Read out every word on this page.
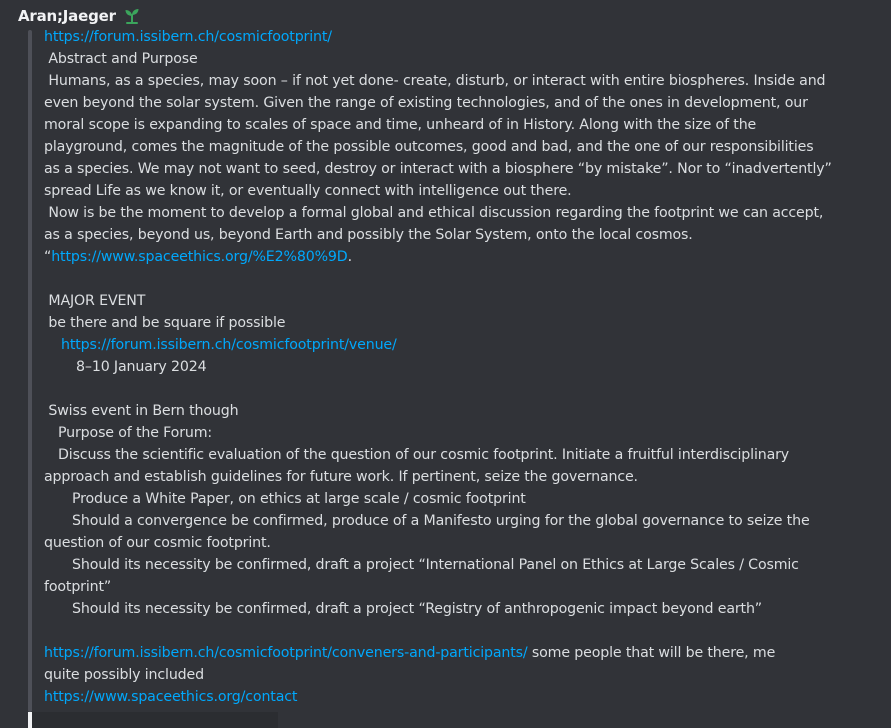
Aran;Jaeger
https://forum.issibern.ch/cosmicfootprint/
Abstract and Purpose
Humans, as a species, may soon – if not yet done- create, disturb, or interact with entire biospheres. Inside and
even beyond the solar system. Given the range of existing technologies, and of the ones in development, our
moral scope is expanding to scales of space and time, unheard of in History. Along with the size of the
playground, comes the magnitude of the possible outcomes, good and bad, and the one of our responsibilities
as a species. We may not want to seed, destroy or interact with a biosphere “by mistake”. Nor to “inadvertently”
spread Life as we know it, or eventually connect with intelligence out there.
Now is be the moment to develop a formal global and ethical discussion regarding the footprint we can accept,
as a species, beyond us, beyond Earth and possibly the Solar System, onto the local cosmos.
“https://www.spaceethics.org/%E2%80%9D.
MAJOR EVENT
be there and be square if possible
https://forum.issibern.ch/cosmicfootprint/venue/
8–10 January 2024
Swiss event in Bern though
Purpose of the Forum:
Discuss the scientific evaluation of the question of our cosmic footprint. Initiate a fruitful interdisciplinary
approach and establish guidelines for future work. If pertinent, seize the governance.
Produce a White Paper, on ethics at large scale / cosmic footprint
Should a convergence be confirmed, produce of a Manifesto urging for the global governance to seize the
question of our cosmic footprint.
Should its necessity be confirmed, draft a project “International Panel on Ethics at Large Scales / Cosmic
footprint”
Should its necessity be confirmed, draft a project “Registry of anthropogenic impact beyond earth”
https://forum.issibern.ch/cosmicfootprint/conveners-and-participants/ some people that will be there, me
quite possibly included
https://www.spaceethics.org/contact
